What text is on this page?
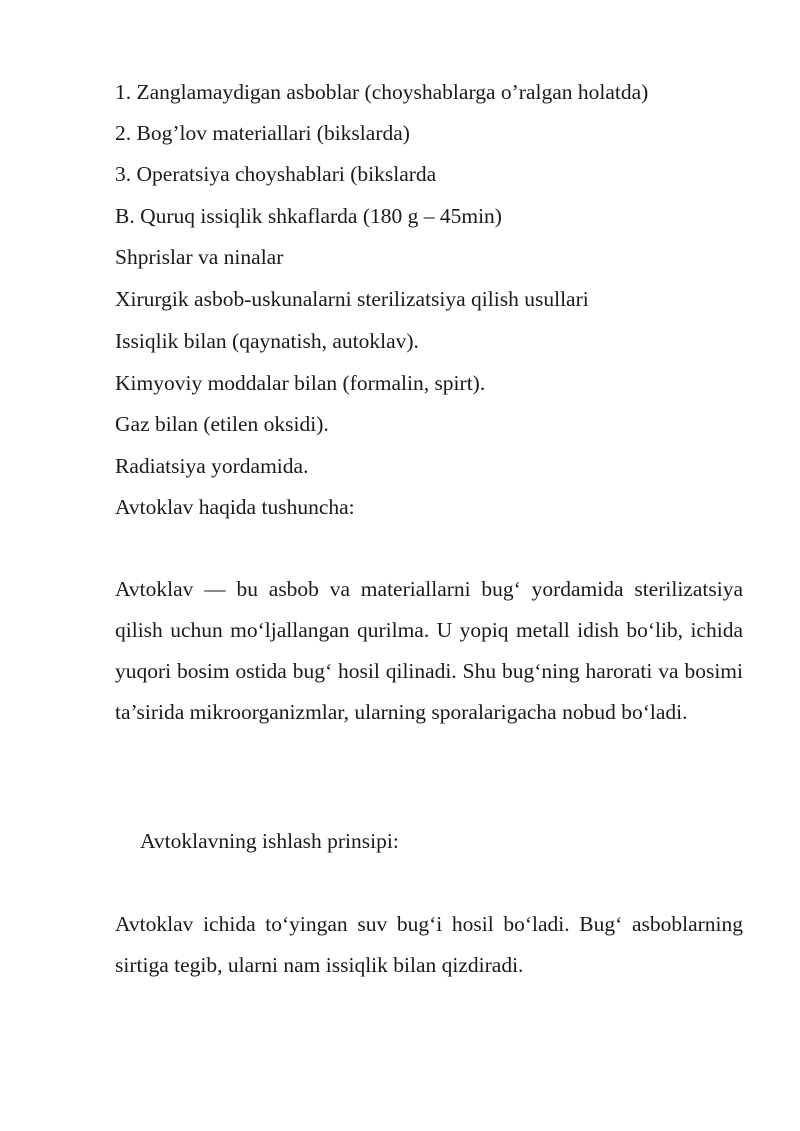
1. Zanglamaydigan asboblar (choyshablarga o’ralgan holatda)
2. Bog’lov materiallari (bikslarda)
3. Operatsiya choyshablari (bikslarda
B. Quruq issiqlik shkaflarda (180 g – 45min)
Shprislar va ninalar
Xirurgik asbob-uskunalarni sterilizatsiya qilish usullari
Issiqlik bilan (qaynatish, autoklav).
Kimyoviy moddalar bilan (formalin, spirt).
Gaz bilan (etilen oksidi).
Radiatsiya yordamida.
Avtoklav haqida tushuncha:

Avtoklav — bu asbob va materiallarni bug‘ yordamida sterilizatsiya qilish uchun mo‘ljallangan qurilma. U yopiq metall idish bo‘lib, ichida yuqori bosim ostida bug‘ hosil qilinadi. Shu bug‘ning harorati va bosimi ta’sirida mikroorganizmlar, ularning sporalarigacha nobud bo‘ladi.

Avtoklavning ishlash prinsipi:

Avtoklav ichida to‘yingan suv bug‘i hosil bo‘ladi. Bug‘ asboblarning sirtiga tegib, ularni nam issiqlik bilan qizdiradi.
